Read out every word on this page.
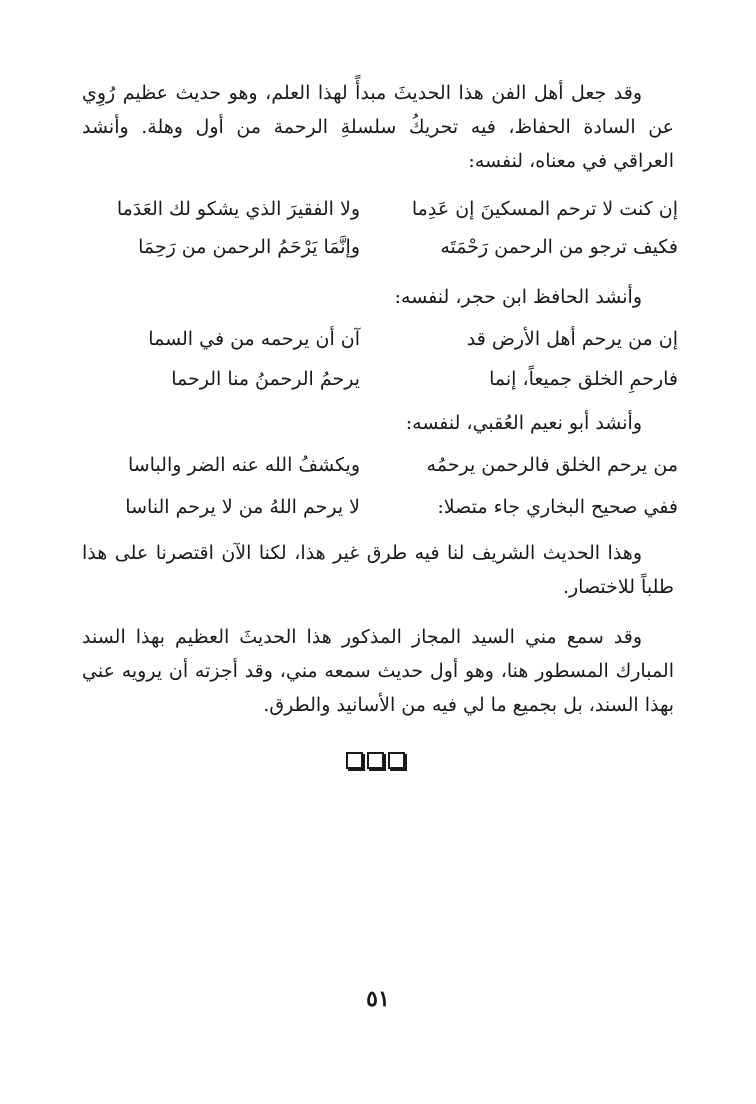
وقد جعل أهل الفن هذا الحديثَ مبدأً لهذا العلم، وهو حديث عظيم رُوِي عن السادة الحفاظ، فيه تحريكُ سلسلةِ الرحمة من أول وهلة. وأنشد العراقي في معناه، لنفسه:

إن كنت لا ترحم المسكينَ إن عَدِما
ولا الفقيرَ الذي يشكو لك العَدَما
فكيف ترجو من الرحمن رَحْمَتَه
وإنَّمَا يَرْحَمُ الرحمن من رَحِمَا
وأنشد الحافظ ابن حجر، لنفسه:
إن من يرحم أهل الأرض قد
آن أن يرحمه من في السما
فارحمِ الخلق جميعاً، إنما
يرحمُ الرحمنُ منا الرحما
وأنشد أبو نعيم العُقبي، لنفسه:
من يرحم الخلق فالرحمن يرحمُه
ويكشفُ الله عنه الضر والباسا
ففي صحيح البخاري جاء متصلا:
لا يرحم اللهُ من لا يرحم الناسا

وهذا الحديث الشريف لنا فيه طرق غير هذا، لكنا الآن اقتصرنا على هذا طلباً للاختصار.

وقد سمع مني السيد المجاز المذكور هذا الحديثَ العظيم بهذا السند المبارك المسطور هنا، وهو أول حديث سمعه مني، وقد أجزته أن يرويه عني بهذا السند، بل بجميع ما لي فيه من الأسانيد والطرق.

٥١
